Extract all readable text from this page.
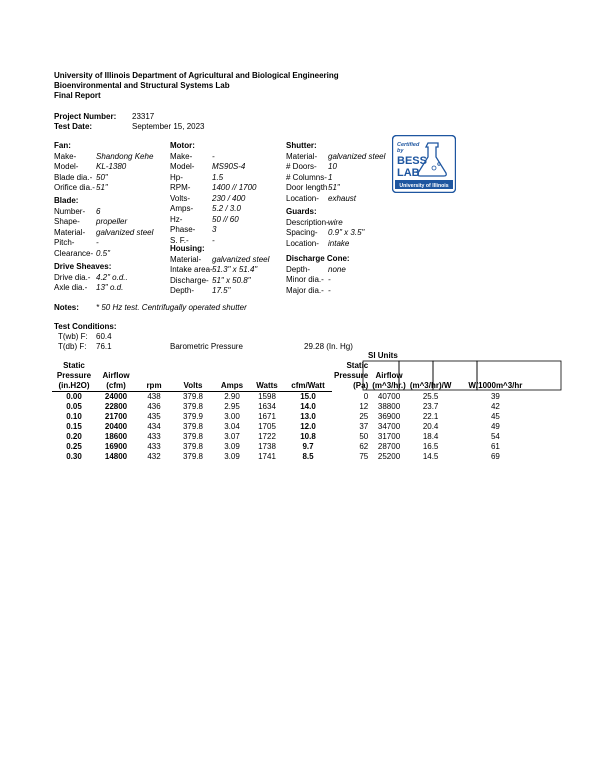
University of Illinois Department of Agricultural and Biological Engineering
Bioenvironmental and Structural Systems Lab
Final Report
Project Number: 23317
Test Date:	September 15, 2023
Fan:
Make- Shandong Kehe
Model- KL-1380
Blade dia.- 50"
Orifice dia.- 51"
Blade:
Number- 6
Shape- propeller
Material- galvanized steel
Pitch-	-
Clearance- 0.5"
Drive Sheaves:
Drive dia.- 4.2" o.d..
Axle dia.- 13" o.d.
Motor:
Make- -
Model- MS90S-4
Hp-	1.5
RPM-	1400 // 1700
Volts-	230 / 400
Amps- 5.2 / 3.0
Hz-	50 // 60
Phase- 3
S. F.-	-
Housing:
Material- galvanized steel
Intake area- 51.3" x 51.4"
Discharge- 51" x 50.8"
Depth- 17.5"
Shutter:
Material- galvanized steel
# Doors- 10
# Columns- 1
Door length 51"
Location- exhaust
Guards:
Description- wire
Spacing- 0.9" x 3.5"
Location- intake
Discharge Cone:
Depth- none
Minor dia.- -
Major dia.- -
Certified
by
BESS
LAB
University of Illinois
Notes: * 50 Hz test. Centrifugally operated shutter
Test Conditions:
T(wb) F: 60.4
T(db) F: 76.1	Barometric Pressure	29.28 (In. Hg)
SI Units
Static							Static			
Pressure	Airflow						Pressure	Airflow		
(in.H2O)	(cfm)	rpm	Volts	Amps	Watts	cfm/Watt	(Pa)	(m^3/hr.)	(m^3/hr)/W	W/1000m^3/hr
0.00	24000	438	379.8	2.90	1598	15.0	0	40700	25.5	39
0.05	22800	436	379.8	2.95	1634	14.0	12	38800	23.7	42
0.10	21700	435	379.9	3.00	1671	13.0	25	36900	22.1	45
0.15	20400	434	379.8	3.04	1705	12.0	37	34700	20.4	49
0.20	18600	433	379.8	3.07	1722	10.8	50	31700	18.4	54
0.25	16900	433	379.8	3.09	1738	9.7	62	28700	16.5	61
0.30	14800	432	379.8	3.09	1741	8.5	75	25200	14.5	69
